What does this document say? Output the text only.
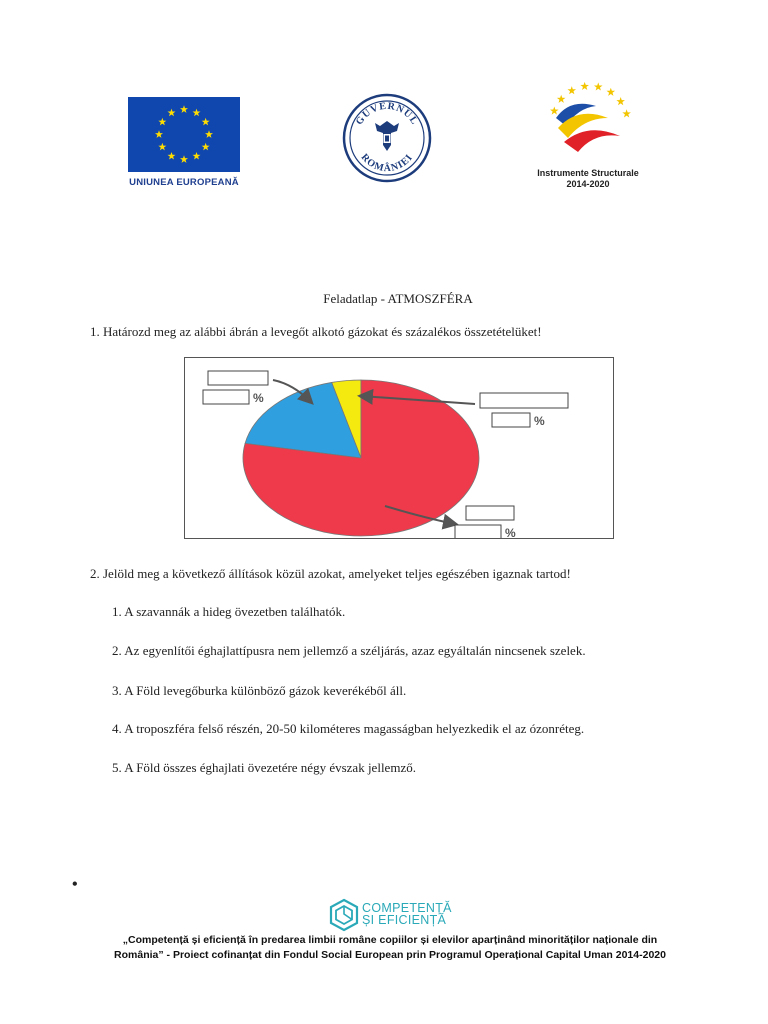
UNIUNEA EUROPEANĂ
GUVERNUL
ROMÂNIEI
Instrumente Structurale
2014-2020
Feladatlap - ATMOSZFÉRA
1. Határozd meg az alábbi ábrán a levegőt alkotó gázokat és százalékos összetételüket!
%
%
%
2. Jelöld meg a következő állítások közül azokat, amelyeket teljes egészében igaznak tartod!
1. A szavannák a hideg övezetben találhatók.
2. Az egyenlítői éghajlattípusra nem jellemző a széljárás, azaz egyáltalán nincsenek szelek.
3. A Föld levegőburka különböző gázok keverékéből áll.
4. A troposzféra felső részén, 20-50 kilométeres magasságban helyezkedik el az ózonréteg.
5. A Föld összes éghajlati övezetére négy évszak jellemző.
•
COMPETENȚĂ
ȘI EFICIENȚĂ
„Competență și eficiență în predarea limbii române copiilor și elevilor aparținând minorităților naționale din
România” - Proiect cofinanțat din Fondul Social European prin Programul Operațional Capital Uman 2014-2020
